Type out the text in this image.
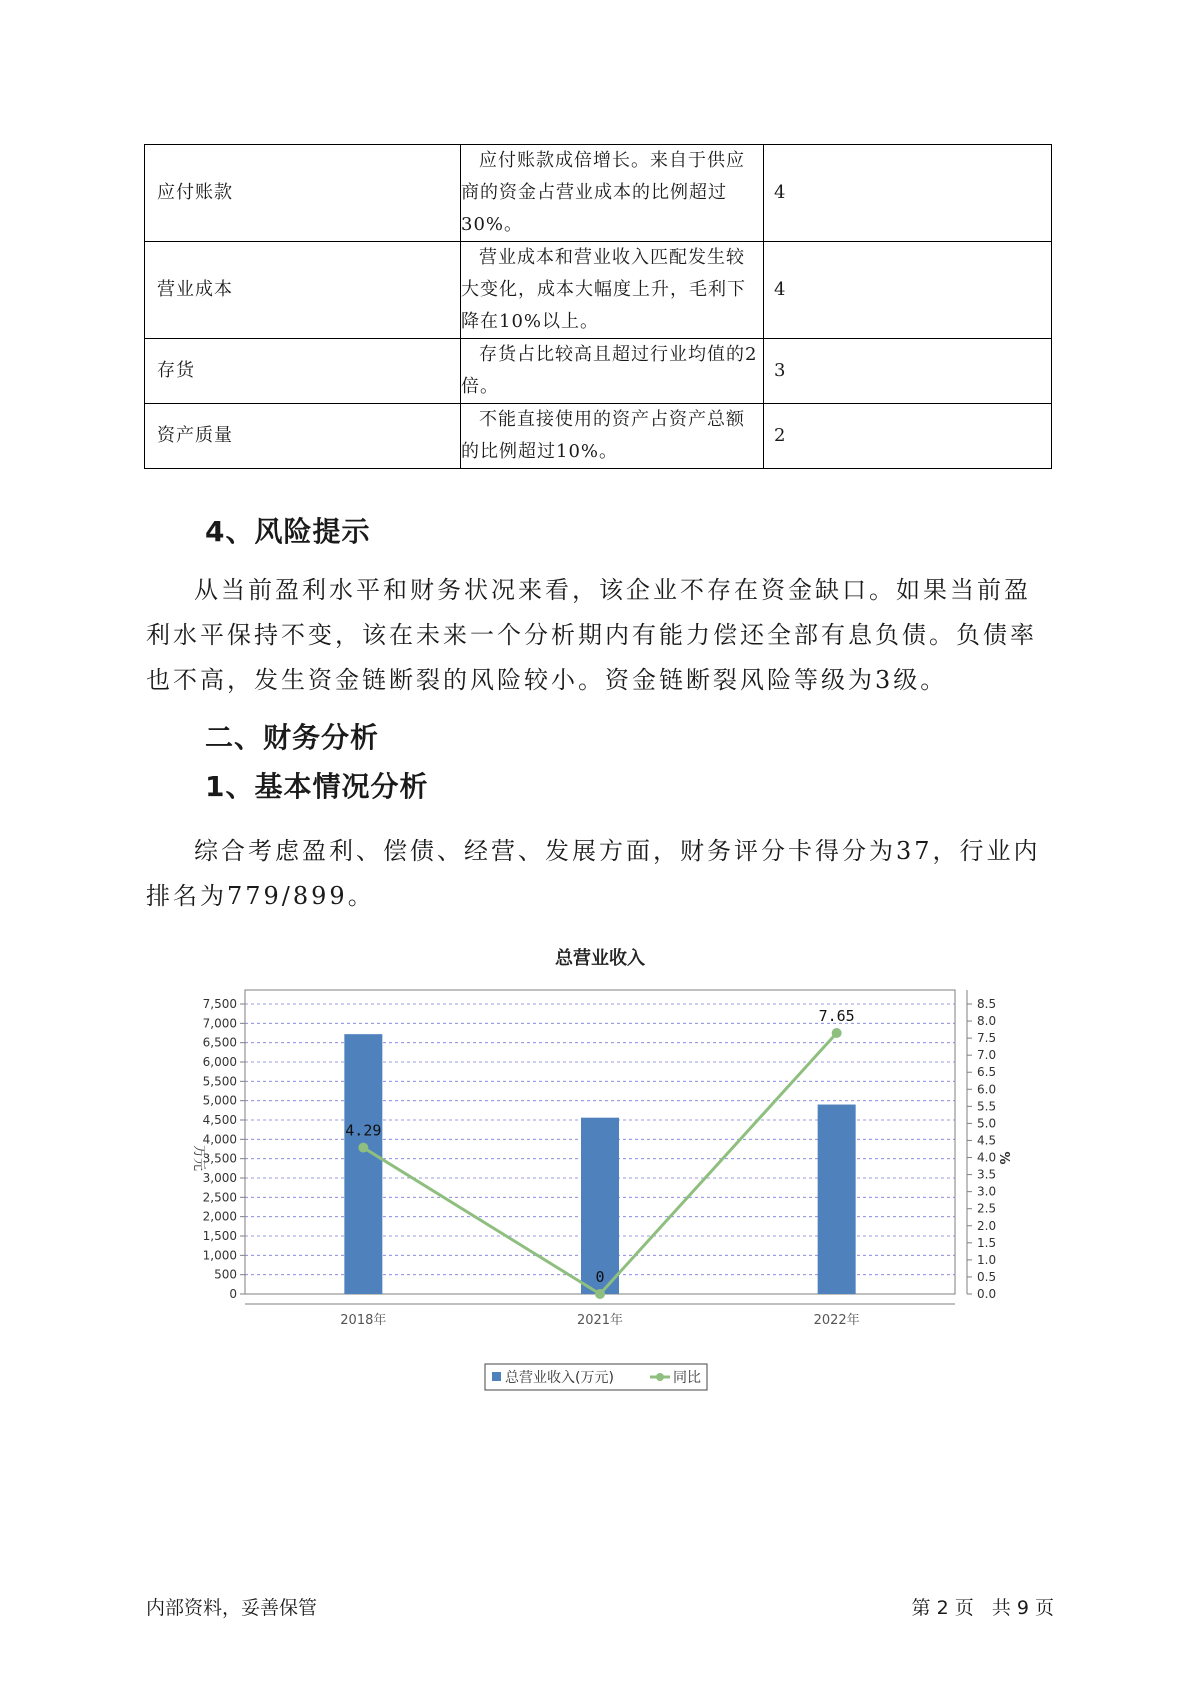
应付账款	应付账款成倍增长。来自于供应
商的资金占营业成本的比例超过
30%。	4
营业成本	营业成本和营业收入匹配发生较
大变化，成本大幅度上升，毛利下
降在10%以上。	4
存货	存货占比较高且超过行业均值的2
倍。	3
资产质量	不能直接使用的资产占资产总额
的比例超过10%。	2
4、风险提示

从当前盈利水平和财务状况来看，该企业不存在资金缺口。如果当前盈利水平保持不变，该在未来一个分析期内有能力偿还全部有息负债。负债率也不高，发生资金链断裂的风险较小。资金链断裂风险等级为3级。

二、财务分析
1、基本情况分析

综合考虑盈利、偿债、经营、发展方面，财务评分卡得分为37，行业内排名为779/899。

总营业收入
0
500
1,000
1,500
2,000
2,500
3,000
3,500
4,000
4,500
5,000
5,500
6,000
6,500
7,000
7,500
0.0
0.5
1.0
1.5
2.0
2.5
3.0
3.5
4.0
4.5
5.0
5.5
6.0
6.5
7.0
7.5
8.0
8.5
万元	%
2018年	2021年	2022年
4.29
0
7.65
总营业收入(万元)	同比
内部资料，妥善保管	第 2 页   共 9 页
